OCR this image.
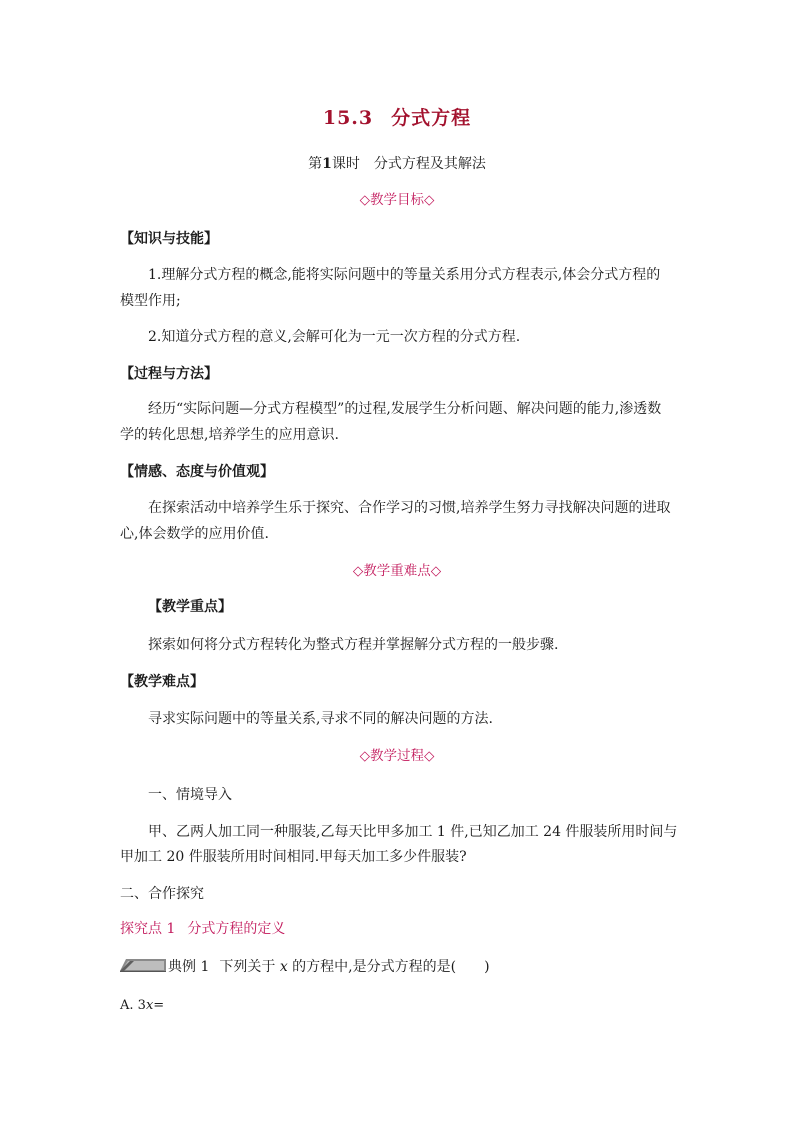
15.3 分式方程
第1课时 分式方程及其解法
◇教学目标◇
【知识与技能】
1.理解分式方程的概念,能将实际问题中的等量关系用分式方程表示,体会分式方程的
模型作用;
2.知道分式方程的意义,会解可化为一元一次方程的分式方程.
【过程与方法】
经历“实际问题—分式方程模型”的过程,发展学生分析问题、解决问题的能力,渗透数
学的转化思想,培养学生的应用意识.
【情感、态度与价值观】
在探索活动中培养学生乐于探究、合作学习的习惯,培养学生努力寻找解决问题的进取
心,体会数学的应用价值.
◇教学重难点◇
【教学重点】
探索如何将分式方程转化为整式方程并掌握解分式方程的一般步骤.
【教学难点】
寻求实际问题中的等量关系,寻求不同的解决问题的方法.
◇教学过程◇
一、情境导入
甲、乙两人加工同一种服装,乙每天比甲多加工 1 件,已知乙加工 24 件服装所用时间与
甲加工 20 件服装所用时间相同.甲每天加工多少件服装?
二、合作探究
探究点 1 分式方程的定义
典例 1 下列关于 x 的方程中,是分式方程的是(　　)
A. 3x=
